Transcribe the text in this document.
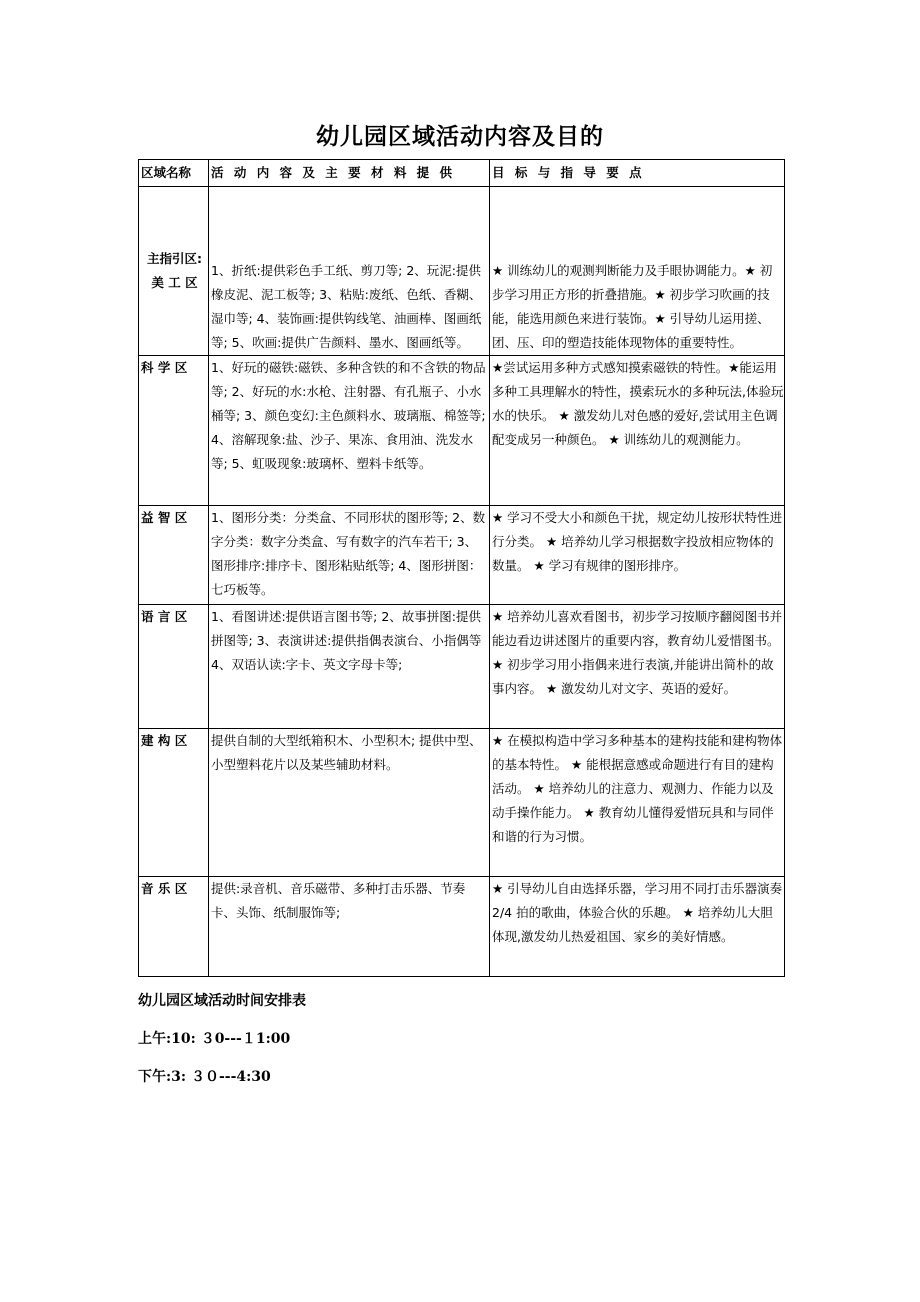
幼儿园区域活动内容及目的
区域名称	活 动 内 容 及 主 要 材 料 提 供	目 标 与 指 导 要 点
主指引区:美 工 区	1、折纸:提供彩色手工纸、剪刀等; 2、玩泥:提供橡皮泥、泥工板等; 3、粘贴:废纸、色纸、香糊、湿巾等; 4、装饰画:提供钩线笔、油画棒、图画纸等; 5、吹画:提供广告颜料、墨水、图画纸等。	★ 训练幼儿的观测判断能力及手眼协调能力。★ 初步学习用正方形的折叠措施。★ 初步学习吹画的技能，能选用颜色来进行装饰。★ 引导幼儿运用搓、团、压、印的塑造技能体现物体的重要特性。
科 学 区	1、好玩的磁铁:磁铁、多种含铁的和不含铁的物品等; 2、好玩的水:水枪、注射器、有孔瓶子、小水桶等; 3、颜色变幻:主色颜料水、玻璃瓶、棉签等; 4、溶解现象:盐、沙子、果冻、食用油、洗发水等; 5、虹吸现象:玻璃杯、塑料卡纸等。	★尝试运用多种方式感知摸索磁铁的特性。★能运用多种工具理解水的特性，摸索玩水的多种玩法,体验玩水的快乐。 ★ 激发幼儿对色感的爱好,尝试用主色调配变成另一种颜色。 ★ 训练幼儿的观测能力。
益 智 区	1、图形分类：分类盒、不同形状的图形等; 2、数字分类：数字分类盒、写有数字的汽车若干; 3、图形排序:排序卡、图形粘贴纸等; 4、图形拼图：七巧板等。	★ 学习不受大小和颜色干扰，规定幼儿按形状特性进行分类。 ★ 培养幼儿学习根据数字投放相应物体的数量。 ★ 学习有规律的图形排序。
语 言 区	1、看图讲述:提供语言图书等; 2、故事拼图:提供拼图等; 3、表演讲述:提供指偶表演台、小指偶等 4、双语认读:字卡、英文字母卡等;	★ 培养幼儿喜欢看图书，初步学习按顺序翻阅图书并能边看边讲述图片的重要内容，教育幼儿爱惜图书。 ★ 初步学习用小指偶来进行表演,并能讲出简朴的故事内容。 ★ 激发幼儿对文字、英语的爱好。
建 构 区	提供自制的大型纸箱积木、小型积木; 提供中型、小型塑料花片以及某些辅助材料。	★ 在模拟构造中学习多种基本的建构技能和建构物体的基本特性。 ★ 能根据意感或命题进行有目的建构活动。 ★ 培养幼儿的注意力、观测力、作能力以及动手操作能力。 ★ 教育幼儿懂得爱惜玩具和与同伴和谐的行为习惯。
音 乐 区	提供:录音机、音乐磁带、多种打击乐器、节奏卡、头饰、纸制服饰等;	★ 引导幼儿自由选择乐器，学习用不同打击乐器演奏 2/4 拍的歌曲，体验合伙的乐趣。 ★ 培养幼儿大胆体现,激发幼儿热爱祖国、家乡的美好情感。
幼儿园区域活动时间安排表
上午:10: ３0---１1:00
下午:3: ３０---4:30
